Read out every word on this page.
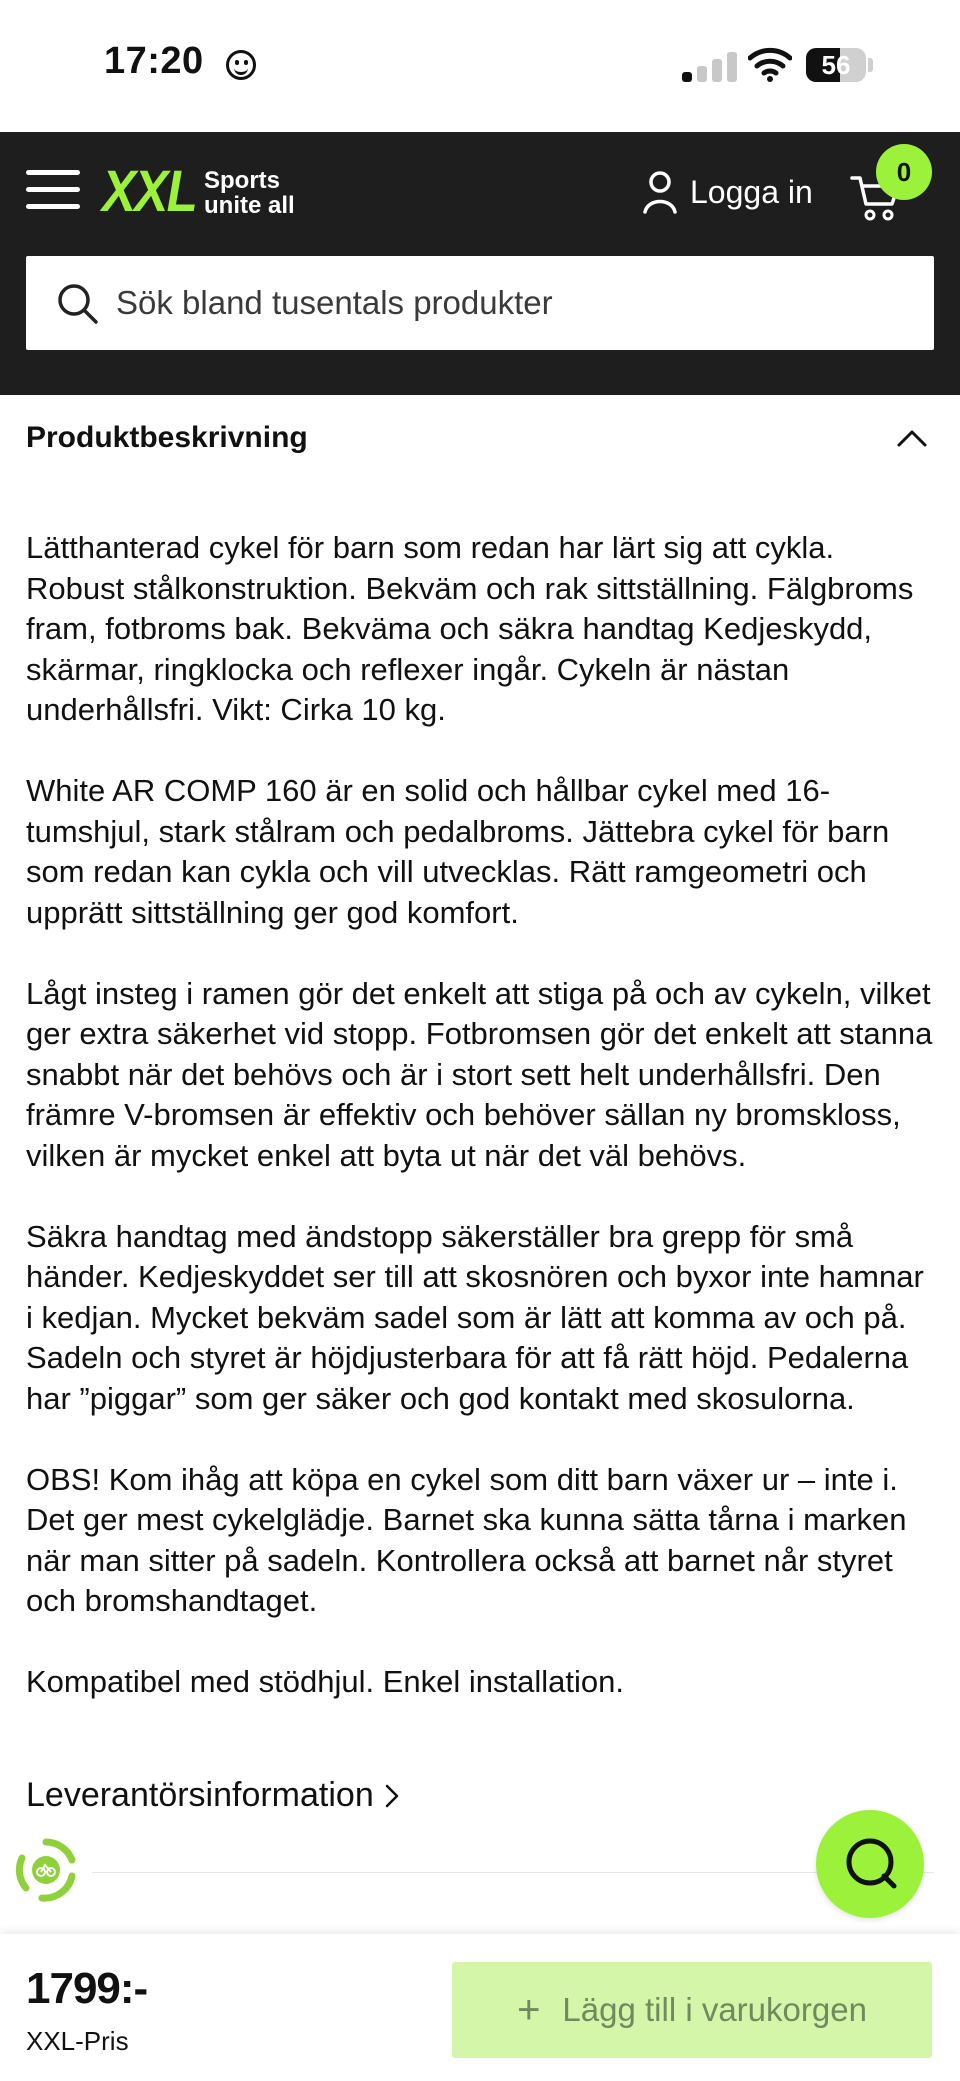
17:20	56
XXL Sports
unite all	Logga in
0
Sök bland tusentals produkter
Produktbeskrivning

Lätthanterad cykel för barn som redan har lärt sig att cykla. Robust stålkonstruktion. Bekväm och rak sittställning. Fälgbroms fram, fotbroms bak. Bekväma och säkra handtag Kedjeskydd, skärmar, ringklocka och reflexer ingår. Cykeln är nästan underhållsfri. Vikt: Cirka 10 kg.

White AR COMP 160 är en solid och hållbar cykel med 16-tumshjul, stark stålram och pedalbroms. Jättebra cykel för barn som redan kan cykla och vill utvecklas. Rätt ramgeometri och upprätt sittställning ger god komfort.

Lågt insteg i ramen gör det enkelt att stiga på och av cykeln, vilket ger extra säkerhet vid stopp. Fotbromsen gör det enkelt att stanna snabbt när det behövs och är i stort sett helt underhållsfri. Den främre V-bromsen är effektiv och behöver sällan ny bromskloss, vilken är mycket enkel att byta ut när det väl behövs.

Säkra handtag med ändstopp säkerställer bra grepp för små händer. Kedjeskyddet ser till att skosnören och byxor inte hamnar i kedjan. Mycket bekväm sadel som är lätt att komma av och på. Sadeln och styret är höjdjusterbara för att få rätt höjd. Pedalerna har ”piggar” som ger säker och god kontakt med skosulorna.

OBS! Kom ihåg att köpa en cykel som ditt barn växer ur – inte i. Det ger mest cykelglädje. Barnet ska kunna sätta tårna i marken när man sitter på sadeln. Kontrollera också att barnet når styret och bromshandtaget.

Kompatibel med stödhjul. Enkel installation.

Leverantörsinformation
1799:-
XXL-Pris
+ Lägg till i varukorgen
